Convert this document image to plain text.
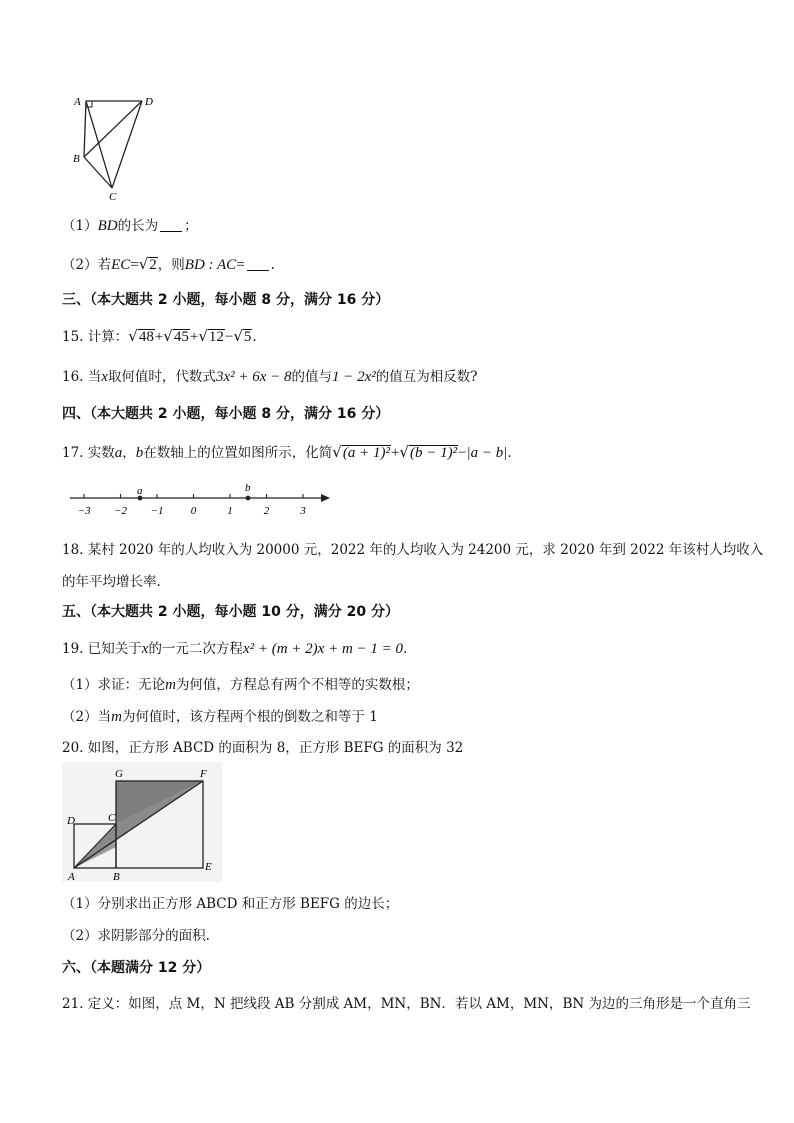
A	D
B
C
（1）BD的长为 ；
（2）若EC=√2，则BD : AC= .
三、（本大题共 2 小题，每小题 8 分，满分 16 分）
15. 计算：√48+√45+√12−√5.
16. 当x取何值时，代数式3x² + 6x − 8的值与1 − 2x²的值互为相反数?
四、（本大题共 2 小题，每小题 8 分，满分 16 分）
17. 实数a，b在数轴上的位置如图所示，化简√(a + 1)²+√(b − 1)²−|a − b|.
−3 −2 −1 0	1	2	3
a	b
18. 某村 2020 年的人均收入为 20000 元，2022 年的人均收入为 24200 元，求 2020 年到 2022 年该村人均收入
的年平均增长率.
五、（本大题共 2 小题，每小题 10 分，满分 20 分）
19. 已知关于x的一元二次方程x² + (m + 2)x + m − 1 = 0.
（1）求证：无论m为何值，方程总有两个不相等的实数根；
（2）当m为何值时，该方程两个根的倒数之和等于 1
20. 如图，正方形 ABCD 的面积为 8，正方形 BEFG 的面积为 32
D	C
G	F
E
A	B
（1）分别求出正方形 ABCD 和正方形 BEFG 的边长；
（2）求阴影部分的面积.
六、（本题满分 12 分）
21. 定义：如图，点 M，N 把线段 AB 分割成 AM，MN，BN．若以 AM，MN，BN 为边的三角形是一个直角三
